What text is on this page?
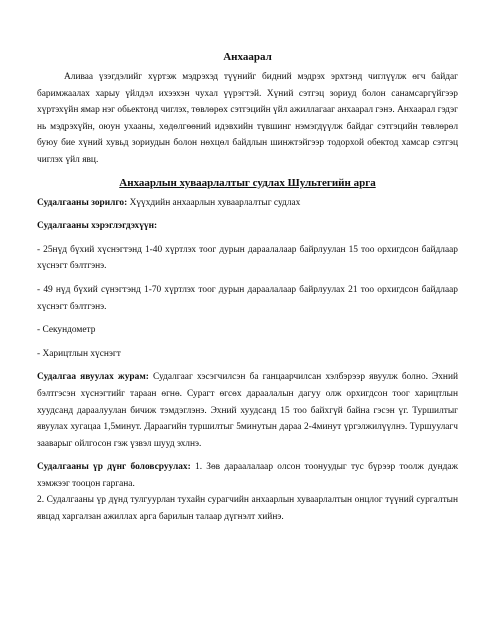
Анхаарал

Аливаа үзэгдэлийг хүртэж мэдрэхэд түүнийг бидний мэдрэх эрхтэнд чиглүүлж өгч байдаг баримжаалах харыу үйлдэл ихээхэн чухал үүрэгтэй. Хүний сэтгэц зориуд болон санамсаргүйгээр хүртэхүйн ямар нэг обьектонд чиглэх, төвлөрөх сэтгэцийн үйл ажиллагааг анхаарал гэнэ. Анхаарал гэдэг нь мэдрэхүйн, оюун ухааны, хөдөлгөөний идэвхийн түвшинг нэмэгдүүлж байдаг сэтгэцийн төвлөрөл буюу бие хүний хувьд зориудын болон нөхцөл байдлын шинжтэйгээр тодорхой обектод хамсар сэтгэц чиглэх үйл явц.

Анхаарлын хуваарлалтыг судлах Шультегийн арга

Судалгааны зорилго: Хүүхдийн анхаарлын хуваарлалтыг судлах

Судалгааны хэрэглэгдэхүүн:

- 25нүд бүхий хүснэгтэнд 1-40 хүртлэх тоог дурын дараалалаар байрлуулан 15 тоо орхигдсон байдлаар хүснэгт бэлтгэнэ.

- 49 нүд бүхий сүнэгтэнд 1-70 хүртлэх тоог дурын дараалалаар байрлуулах 21 тоо орхигдсон байдлаар хүснэгт бэлтгэнэ.

- Секундометр

- Харицтлын хүснэгт

Судалгаа явуулах журам: Судалгааг хэсэгчилсэн ба ганцаарчилсан хэлбэрээр явуулж болно. Эхний бэлтгэсэн хүснэгтийг тараан өгнө. Сурагт өгсөх дараалалын дагуу олж орхигдсон тоог харицтлын хуудсанд дараалуулан бичиж тэмдэглэнэ. Эхний хуудсанд 15 тоо байхгүй байна гэсэн үг. Туршилтыг явуулах хугацаа 1,5минут. Дараагийн туршилтыг 5минутын дараа 2-4минут үргэлжилүүлнэ. Туршуулагч зааварыг ойлгосон гэж үзвэл шууд эхлнэ.

Судалгааны үр дүнг боловсруулах: 1. Зөв дараалалаар олсон тоонуудыг тус бүрээр тоолж дундаж хэмжээг тооцон гаргана.

2. Судалгааны үр дүнд тулгуурлан тухайн сурагчийн анхаарлын хуваарлалтын онцлог түүний сургалтын явцад харгалзан ажиллах арга барилын талаар дүгнэлт хийнэ.
